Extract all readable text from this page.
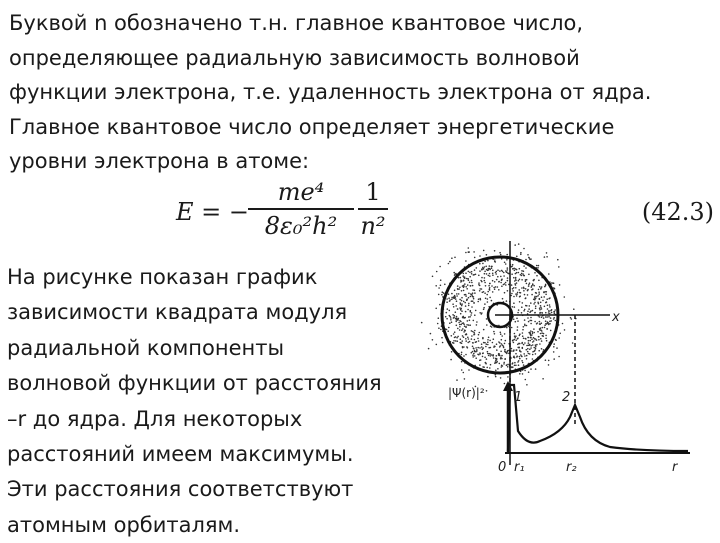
Буквой n обозначено т.н. главное квантовое число,
определяющее радиальную зависимость волновой
функции электрона, т.е. удаленность электрона от ядра.
Главное квантовое число определяет энергетические
уровни электрона в атоме:
E = −
me⁴
8ε₀²h²
1
n²	(42.3)
На рисунке показан график
зависимости квадрата модуля
радиальной компоненты
волновой функции от расстояния
–r до ядра. Для некоторых
расстояний имеем максимумы.
Эти расстояния соответствуют
атомным орбиталям.
x
|Ψ(r)|²
r
1	2
0 r₁	r₂
